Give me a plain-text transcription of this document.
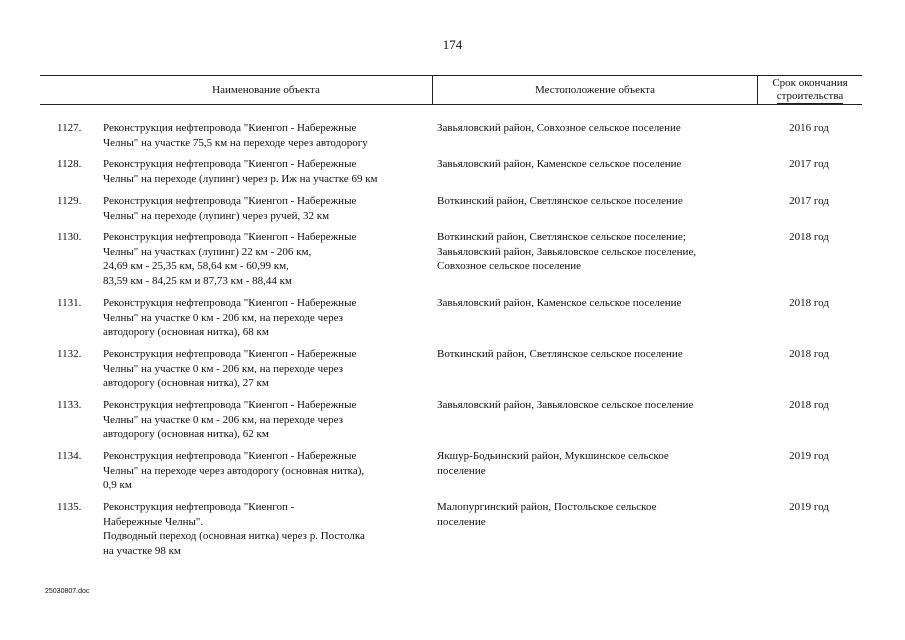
174
Наименование объекта	Местоположение объекта
Срок окончания
строительства
1127.	Реконструкция нефтепровода "Киенгоп - Набережные
Челны" на участке 75,5 км на переходе через автодорогу
Завьяловский район, Совхозное сельское поселение	2016 год
1128.	Реконструкция нефтепровода "Киенгоп - Набережные
Челны" на переходе (лупинг) через р. Иж на участке 69 км
Завьяловский район, Каменское сельское поселение	2017 год
1129.	Реконструкция нефтепровода "Киенгоп - Набережные
Челны" на переходе (лупинг) через ручей, 32 км
Воткинский район, Светлянское сельское поселение	2017 год
1130.	Реконструкция нефтепровода "Киенгоп - Набережные
Челны" на участках (лупинг) 22 км - 206 км,
24,69 км - 25,35 км, 58,64 км - 60,99 км,
83,59 км - 84,25 км и 87,73 км - 88,44 км
Воткинский район, Светлянское сельское поселение;
Завьяловский район, Завьяловское сельское поселение,
Совхозное сельское поселение
2018 год
1131.	Реконструкция нефтепровода "Киенгоп - Набережные
Челны" на участке 0 км - 206 км, на переходе через
автодорогу (основная нитка), 68 км
Завьяловский район, Каменское сельское поселение	2018 год
1132.	Реконструкция нефтепровода "Киенгоп - Набережные
Челны" на участке 0 км - 206 км, на переходе через
автодорогу (основная нитка), 27 км
Воткинский район, Светлянское сельское поселение	2018 год
1133.	Реконструкция нефтепровода "Киенгоп - Набережные
Челны" на участке 0 км - 206 км, на переходе через
автодорогу (основная нитка), 62 км
Завьяловский район, Завьяловское сельское поселение	2018 год
1134.	Реконструкция нефтепровода "Киенгоп - Набережные
Челны" на переходе через автодорогу (основная нитка),
0,9 км
Якшур-Бодьинский район, Мукшинское сельское
поселение
2019 год
1135.	Реконструкция нефтепровода "Киенгоп -
Набережные Челны".
Подводный переход (основная нитка) через р. Постолка
на участке 98 км
Малопургинский район, Постольское сельское
поселение
2019 год
25030807.doc
